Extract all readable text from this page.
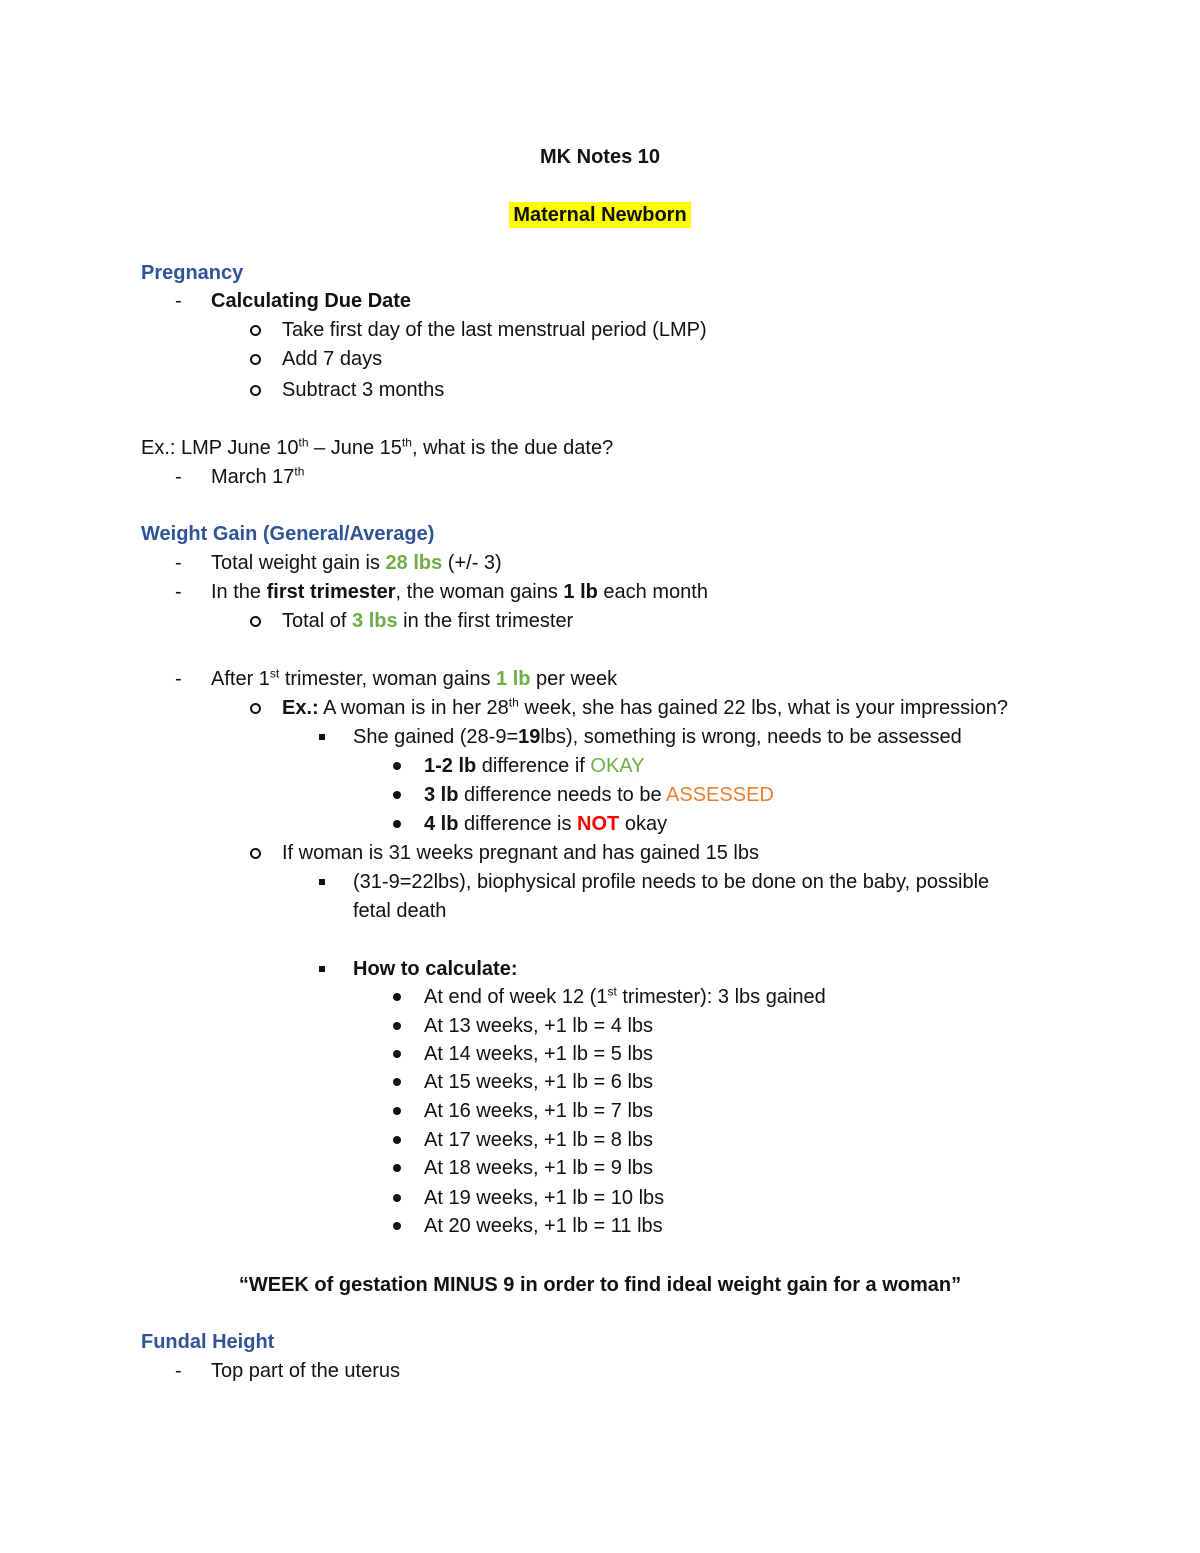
MK Notes 10
Maternal Newborn
Pregnancy
- Calculating Due Date
Take first day of the last menstrual period (LMP)
Add 7 days
Subtract 3 months
Ex.: LMP June 10th – June 15th, what is the due date?
- March 17th
Weight Gain (General/Average)
- Total weight gain is 28 lbs (+/- 3)
- In the first trimester, the woman gains 1 lb each month
Total of 3 lbs in the first trimester
- After 1st trimester, woman gains 1 lb per week
Ex.: A woman is in her 28th week, she has gained 22 lbs, what is your impression?
She gained (28-9=19lbs), something is wrong, needs to be assessed
1-2 lb difference if OKAY
3 lb difference needs to be ASSESSED
4 lb difference is NOT okay
If woman is 31 weeks pregnant and has gained 15 lbs
(31-9=22lbs), biophysical profile needs to be done on the baby, possible
fetal death
How to calculate:
At end of week 12 (1st trimester): 3 lbs gained
At 13 weeks, +1 lb = 4 lbs
At 14 weeks, +1 lb = 5 lbs
At 15 weeks, +1 lb = 6 lbs
At 16 weeks, +1 lb = 7 lbs
At 17 weeks, +1 lb = 8 lbs
At 18 weeks, +1 lb = 9 lbs
At 19 weeks, +1 lb = 10 lbs
At 20 weeks, +1 lb = 11 lbs
“WEEK of gestation MINUS 9 in order to find ideal weight gain for a woman”
Fundal Height
- Top part of the uterus
